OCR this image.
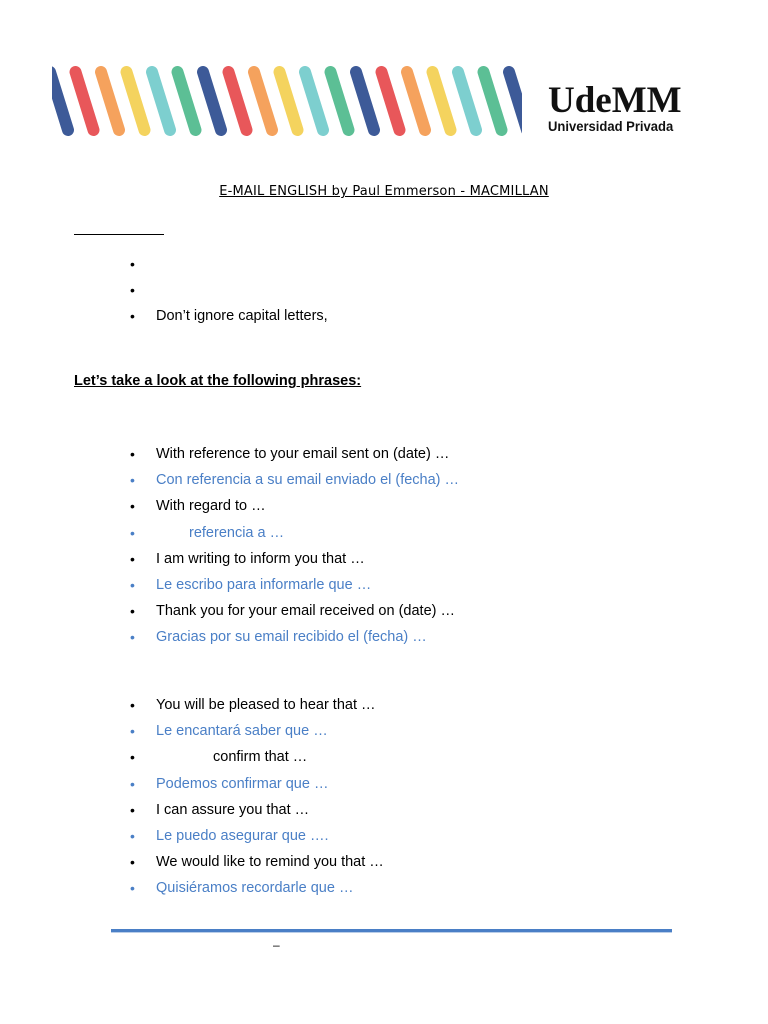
UdeMM
Universidad Privada
E-MAIL ENGLISH by Paul Emmerson - MACMILLAN
•
•
• Don’t ignore capital letters,
Let’s take a look at the following phrases:
• With reference to your email sent on (date) …
• Con referencia a su email enviado el (fecha) …
• With regard to …
• referencia a …
• I am writing to inform you that …
• Le escribo para informarle que …
• Thank you for your email received on (date) …
• Gracias por su email recibido el (fecha) …
• You will be pleased to hear that …
• Le encantará saber que …
• confirm that …
• Podemos confirmar que …
• I can assure you that …
• Le puedo asegurar que ….
• We would like to remind you that …
• Quisiéramos recordarle que …
–
